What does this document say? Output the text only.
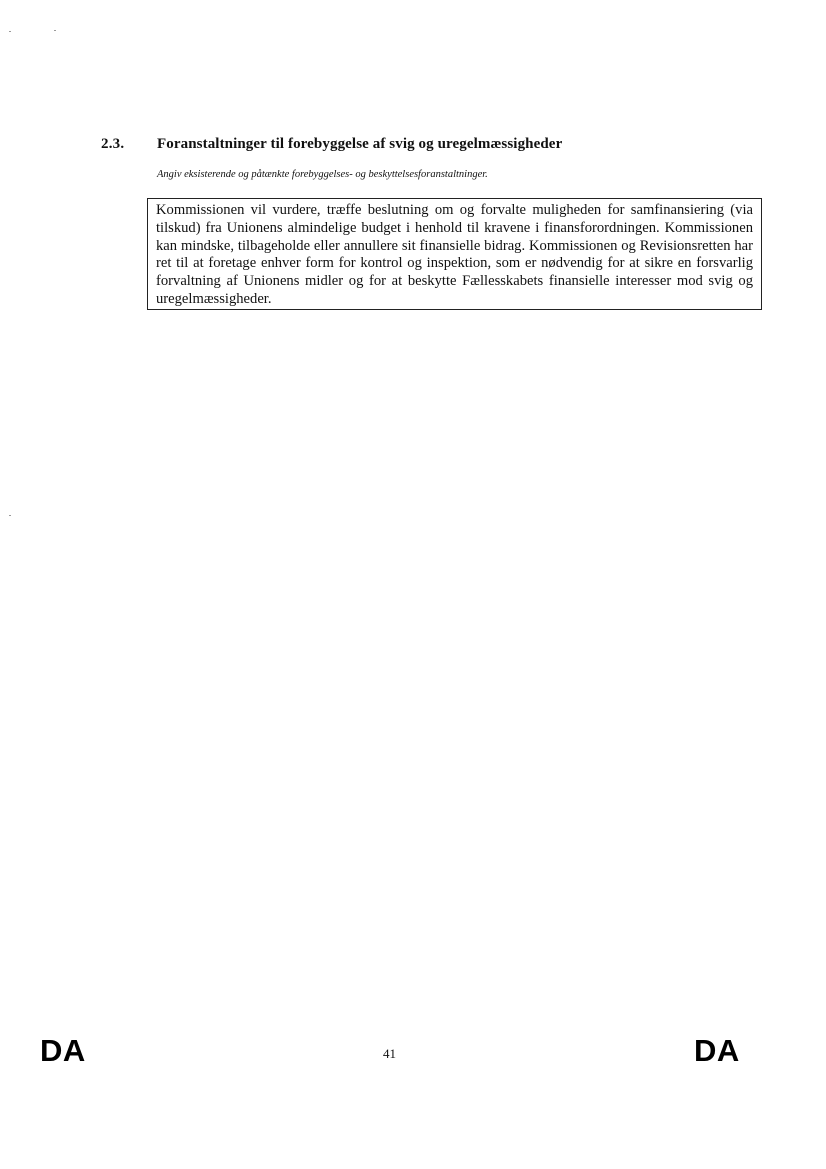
2.3. Foranstaltninger til forebyggelse af svig og uregelmæssigheder
Angiv eksisterende og påtænkte forebyggelses- og beskyttelsesforanstaltninger.

Kommissionen vil vurdere, træffe beslutning om og forvalte muligheden for samfinansiering (via tilskud) fra Unionens almindelige budget i henhold til kravene i finansforordningen. Kommissionen kan mindske, tilbageholde eller annullere sit finansielle bidrag. Kommissionen og Revisionsretten har ret til at foretage enhver form for kontrol og inspektion, som er nødvendig for at sikre en forsvarlig forvaltning af Unionens midler og for at beskytte Fællesskabets finansielle interesser mod svig og uregelmæssigheder.

DA	41	DA
